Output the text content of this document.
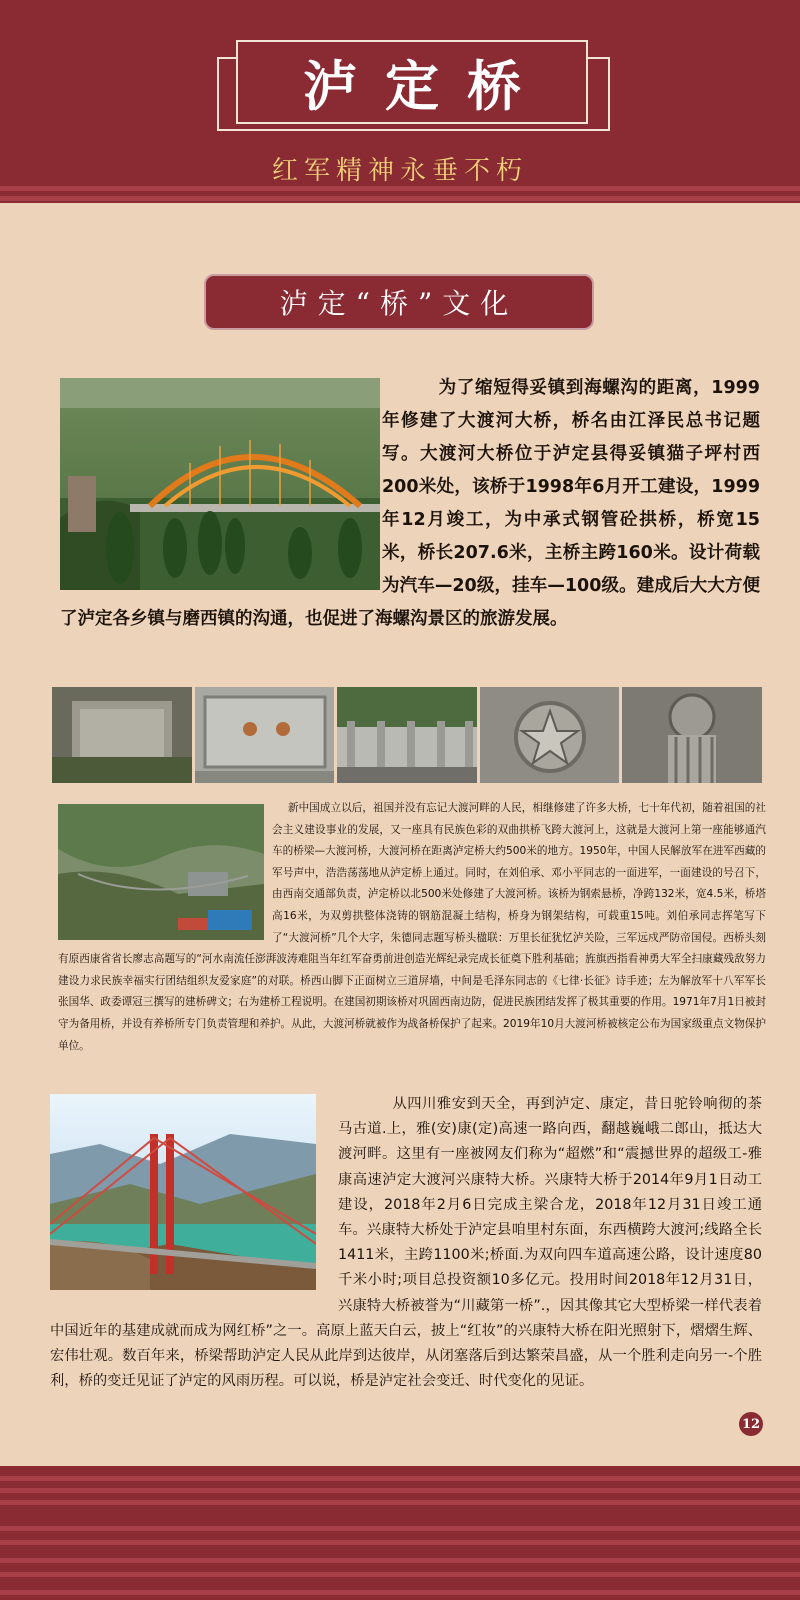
泸定桥
红军精神永垂不朽
泸定“桥”文化
为了缩短得妥镇到海螺沟的距离，1999年修建了大渡河大桥，桥名由江泽民总书记题写。大渡河大桥位于泸定县得妥镇猫子坪村西200米处，该桥于1998年6月开工建设，1999年12月竣工，为中承式钢管砼拱桥，桥宽15米，桥长207.6米，主桥主跨160米。设计荷载为汽车—20级，挂车—100级。建成后大大方便了泸定各乡镇与磨西镇的沟通，也促进了海螺沟景区的旅游发展。
新中国成立以后，祖国并没有忘记大渡河畔的人民，相继修建了许多大桥，七十年代初，随着祖国的社会主义建设事业的发展，又一座具有民族色彩的双曲拱桥飞跨大渡河上，这就是大渡河上第一座能够通汽车的桥梁—大渡河桥，大渡河桥在距离泸定桥大约500米的地方。1950年，中国人民解放军在进军西藏的军号声中，浩浩荡荡地从泸定桥上通过。同时，在刘伯承、邓小平同志的一面进军，一面建设的号召下，由西南交通部负责，泸定桥以北500米处修建了大渡河桥。该桥为钢索悬桥，净跨132米，宽4.5米，桥塔高16米，为双剪拱整体浇铸的钢筋混凝土结构，桥身为钢架结构，可载重15吨。刘伯承同志挥笔写下了“大渡河桥”几个大字，朱德同志题写桥头楹联：万里长征犹忆泸关险，三军远戍严防帝国侵。西桥头刻有原西康省省长廖志高题写的“河水南流任澎湃波涛难阻当年红军奋勇前进创造光辉纪录完成长征奠下胜利基础；旌旗西指看神勇大军全扫康藏残敌努力建设力求民族幸福实行团结组织友爱家庭”的对联。桥西山脚下正面树立三道屏墙，中间是毛泽东同志的《七律·长征》诗手迹；左为解放军十八军军长张国华、政委谭冠三撰写的建桥碑文；右为建桥工程说明。在建国初期该桥对巩固西南边防，促进民族团结发挥了极其重要的作用。1971年7月1日被封守为备用桥，并设有养桥所专门负责管理和养护。从此，大渡河桥就被作为战备桥保护了起来。2019年10月大渡河桥被核定公布为国家级重点文物保护单位。
从四川雅安到天全，再到泸定、康定，昔日驼铃响彻的茶马古道.上，雅(安)康(定)高速一路向西，翻越巍峨二郎山，抵达大渡河畔。这里有一座被网友们称为“超燃”和“震撼世界的超级工-雅康高速泸定大渡河兴康特大桥。兴康特大桥于2014年9月1日动工建设，2018年2月6日完成主梁合龙，2018年12月31日竣工通车。兴康特大桥处于泸定县咱里村东面，东西横跨大渡河;线路全长1411米，主跨1100米;桥面.为双向四车道高速公路，设计速度80千米小时;项目总投资额10多亿元。投用时间2018年12月31日，兴康特大桥被誉为“川藏第一桥”.，因其像其它大型桥梁一样代表着中国近年的基建成就而成为网红桥”之一。高原上蓝天白云，披上“红妆”的兴康特大桥在阳光照射下，熠熠生辉、宏伟壮观。数百年来，桥梁帮助泸定人民从此岸到达彼岸，从闭塞落后到达繁荣昌盛，从一个胜利走向另一-个胜利，桥的变迁见证了泸定的风雨历程。可以说，桥是泸定社会变迁、时代变化的见证。
12
